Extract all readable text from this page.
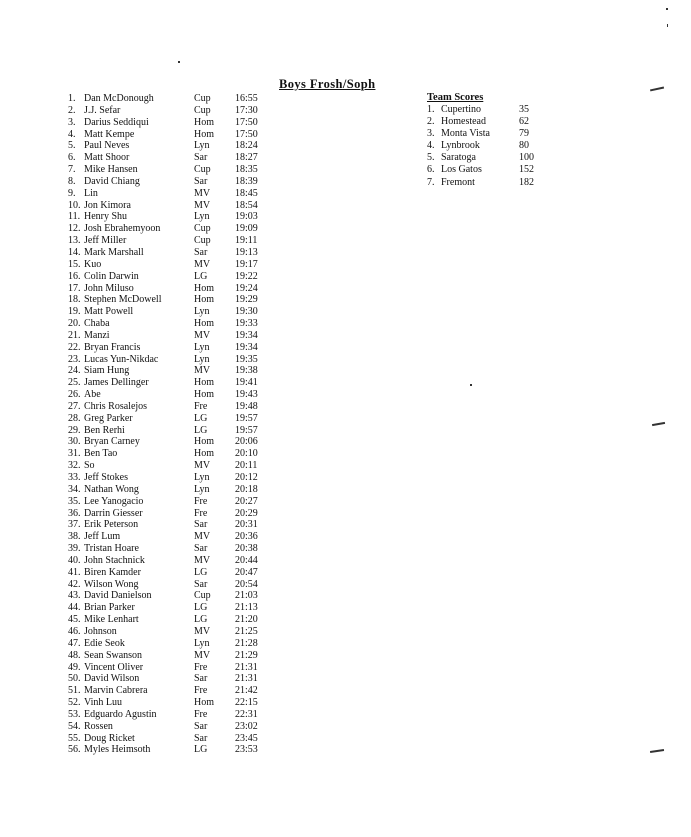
Boys Frosh/Soph
1. Dan McDonough	Cup 16:55
2. J.J. Sefar	Cup 17:30
3. Darius Seddiqui	Hom 17:50
4. Matt Kempe	Hom 17:50
5. Paul Neves	Lyn	18:24
6. Matt Shoor	Sar	18:27
7. Mike Hansen	Cup 18:35
8. David Chiang	Sar	18:39
9. Lin	MV 18:45
10. Jon Kimora	MV 18:54
11. Henry Shu	Lyn	19:03
12. Josh Ebrahemyoon	Cup 19:09
13. Jeff Miller	Cup 19:11
14. Mark Marshall	Sar	19:13
15. Kuo	MV 19:17
16. Colin Darwin	LG	19:22
17. John Miluso	Hom 19:24
18. Stephen McDowell	Hom 19:29
19. Matt Powell	Lyn	19:30
20. Chaba	Hom 19:33
21. Manzi	MV 19:34
22. Bryan Francis	Lyn	19:34
23. Lucas Yun-Nikdac	Lyn	19:35
24. Siam Hung	MV 19:38
25. James Dellinger	Hom 19:41
26. Abe	Hom 19:43
27. Chris Rosalejos	Fre	19:48
28. Greg Parker	LG	19:57
29. Ben Rerhi	LG	19:57
30. Bryan Carney	Hom 20:06
31. Ben Tao	Hom 20:10
32. So	MV 20:11
33. Jeff Stokes	Lyn	20:12
34. Nathan Wong	Lyn	20:18
35. Lee Yanogacio	Fre	20:27
36. Darrin Giesser	Fre	20:29
37. Erik Peterson	Sar	20:31
38. Jeff Lum	MV 20:36
39. Tristan Hoare	Sar	20:38
40. John Stachnick	MV 20:44
41. Biren Kamder	LG	20:47
42. Wilson Wong	Sar	20:54
43. David Danielson	Cup 21:03
44. Brian Parker	LG	21:13
45. Mike Lenhart	LG	21:20
46. Johnson	MV 21:25
47. Edie Seok	Lyn	21:28
48. Sean Swanson	MV 21:29
49. Vincent Oliver	Fre	21:31
50. David Wilson	Sar	21:31
51. Marvin Cabrera	Fre	21:42
52. Vinh Luu	Hom 22:15
53. Edguardo Agustin	Fre	22:31
54. Rossen	Sar	23:02
55. Doug Ricket	Sar	23:45
56. Myles Heimsoth	LG	23:53
Team Scores
1. Cupertino	35
2. Homestead	62
3. Monta Vista	79
4. Lynbrook	80
5. Saratoga	100
6. Los Gatos	152
7. Fremont	182
